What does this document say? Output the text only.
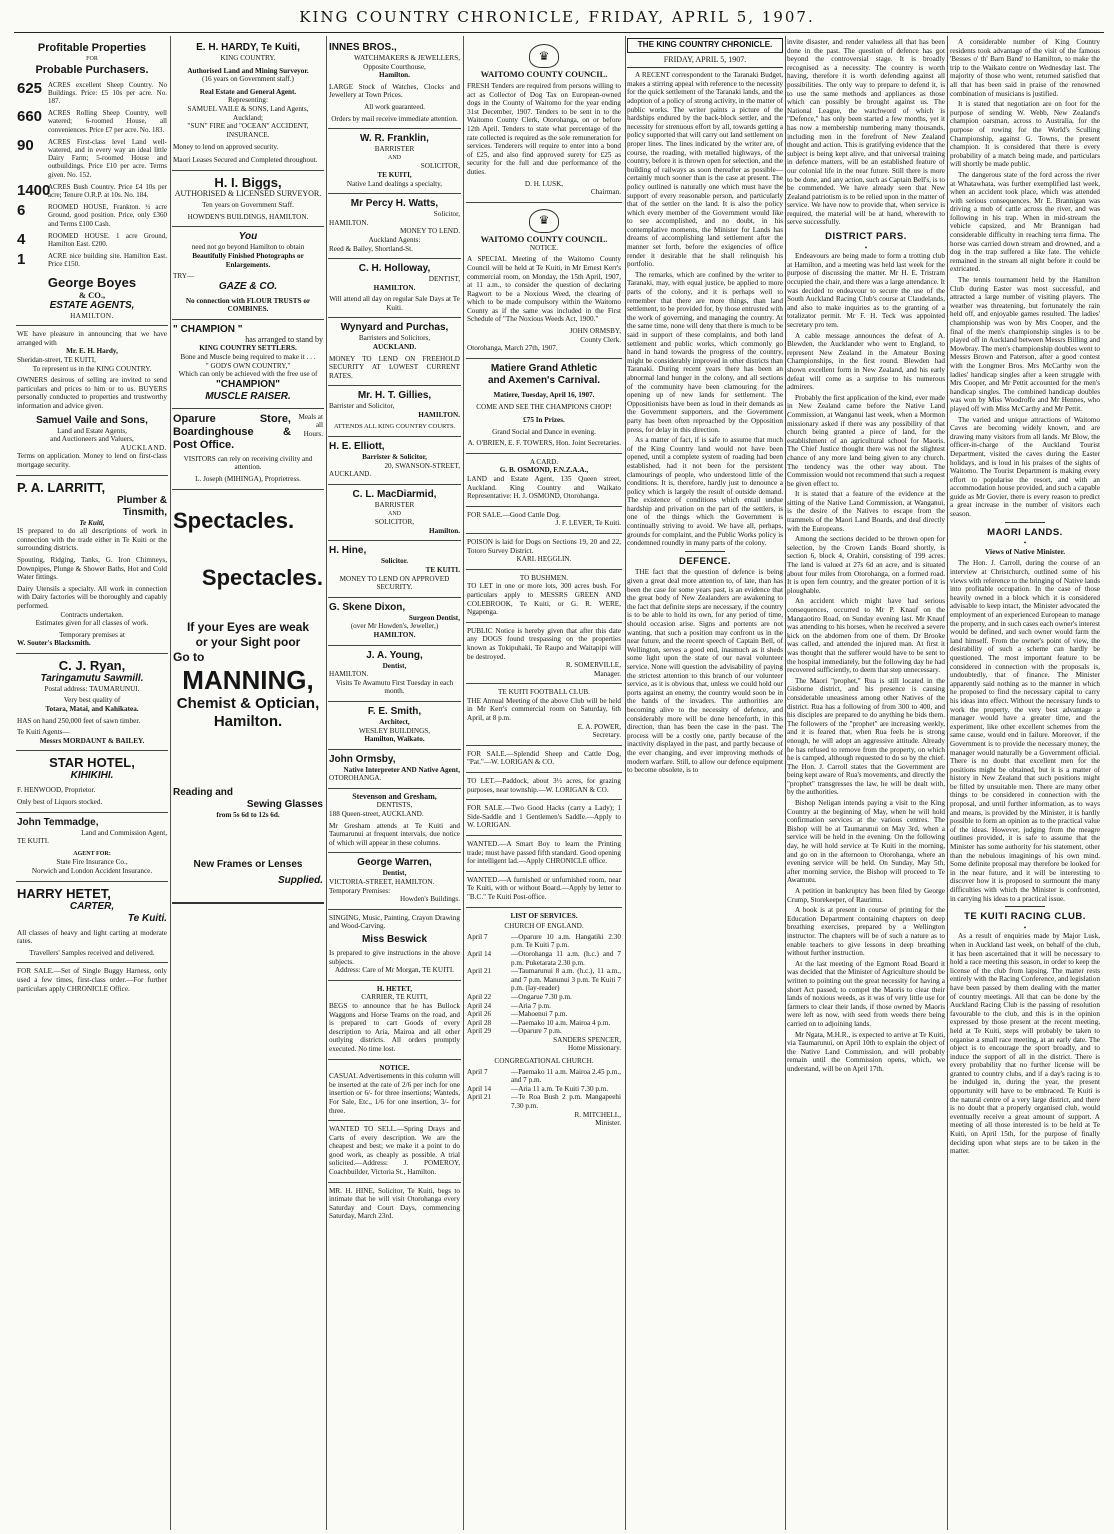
KING COUNTRY CHRONICLE, FRIDAY, APRIL 5, 1907.
Profitable Properties
FOR
Probable Purchasers.
625 ACRES excellent Sheep Country. No Buildings. Price: £5 10s per acre. No. 187.
660 ACRES Rolling Sheep Country, well watered; 6-roomed House, all conveniences. Price £7 per acre. No. 183.
90	ACRES First-class level Land well-watered, and in every way an ideal little Dairy Farm; 5-roomed House and outbuildings. Price £10 per acre. Terms given. No. 152.
1400
ACRES Bush Country. Price £4 10s per acre; Tenure O.R.P. at 10s. No. 184.
6	ROOMED HOUSE, Frankton. ½ acre Ground, good position. Price, only £360 and Terms £100 Cash.
4	ROOMED HOUSE. 1 acre Ground, Hamilton East. £200.
1	ACRE nice building site. Hamilton East. Price £150.
George Boyes
& CO.,
ESTATE AGENTS,
HAMILTON.
WE have pleasure in announcing that we have arranged with
Mr. E. H. Hardy,
Sheridan-street, TE KUITI,
To represent us in the KING COUNTRY.
OWNERS desirous of selling are invited to send particulars and prices to him or to us. BUYERS personally conducted to properties and trustworthy information and advice given.
Samuel Vaile and Sons,
Land and Estate Agents,
and Auctioneers and Valuers,
AUCKLAND.
Terms on application. Money to lend on first-class mortgage security.
P. A. LARRITT,
Plumber &
Tinsmith,
Te Kuiti,
IS prepared to do all descriptions of work in connection with the trade either in Te Kuiti or the surrounding districts.
Spouting, Ridging, Tanks, G. Iron Chimneys, Downpipes, Plunge & Shower Baths, Hot and Cold Water fittings.
Dairy Utensils a specialty. All work in connection with Dairy factories will be thoroughly and capably performed.
Contracts undertaken.
Estimates given for all classes of work.
Temporary premises at
W. Souter's Blacksmith.
C. J. Ryan,
Taringamutu Sawmill.
Postal address: TAUMARUNUI.
Very best quality of
Totara, Matai, and Kahikatea.
HAS on hand 250,000 feet of sawn timber.
Te Kuiti Agents—
Messrs MORDAUNT & BAILEY.
STAR HOTEL,
KIHIKIHI.
F. HENWOOD, Proprietor.
Only best of Liquors stocked.
John Temmadge,
Land and Commission Agent,
TE KUITI.
AGENT FOR:
State Fire Insurance Co.,
Norwich and London Accident Insurance.
HARRY HETET,
CARTER,
Te Kuiti.
All classes of heavy and light carting at moderate rates.
Travellers' Samples received and delivered.
FOR SALE.—Set of Single Buggy Harness, only used a few times, first-class order.—For further particulars apply CHRONICLE Office.
E. H. HARDY, Te Kuiti,
KING COUNTRY.
Authorised Land and Mining Surveyor.
(16 years on Government staff.)
Real Estate and General Agent.
Representing:
SAMUEL VAILE & SONS, Land Agents, Auckland;
"SUN" FIRE and "OCEAN" ACCIDENT, INSURANCE.
Money to lend on approved security.
Maori Leases Secured and Completed throughout.
H. I. Biggs,
AUTHORISED & LICENSED SURVEYOR.
Ten years on Government Staff.
HOWDEN'S BUILDINGS, HAMILTON.
You
need not go beyond Hamilton to obtain
Beautifully Finished Photographs or Enlargements.
TRY—
GAZE & CO.
No connection with FLOUR TRUSTS or COMBINES.
" CHAMPION "
has arranged to stand by
KING COUNTRY SETTLERS.
Bone and Muscle being required to make it . . .
" GOD'S OWN COUNTRY,"
Which can only be achieved with the free use of
"CHAMPION"
MUSCLE RAISER.
Oparure Store, Boardinghouse & Post Office.
Meals at all Hours.
VISITORS can rely on receiving civility and attention.
L. Joseph (MIHINGA), Proprietress.
Spectacles.
Spectacles.
If your Eyes are weak
or your Sight poor
Go to
MANNING,
Chemist & Optician,
Hamilton.
Reading and
Sewing Glasses
from 5s 6d to 12s 6d.
New Frames or Lenses
Supplied.
INNES BROS.,
WATCHMAKERS & JEWELLERS,
Opposite Courthouse,
Hamilton.
LARGE Stock of Watches, Clocks and Jewellery at Town Prices.
All work guaranteed.
Orders by mail receive immediate attention.
W. R. Franklin,
BARRISTER
AND
SOLICITOR,
TE KUITI,
Native Land dealings a specialty,
Mr Percy H. Watts,
Solicitor,
HAMILTON.
MONEY TO LEND.
Auckland Agents:
Reed & Bailey, Shortland-St.
C. H. Holloway,
DENTIST,
HAMILTON.
Will attend all day on regular Sale Days at Te Kuiti.
Wynyard and Purchas,
Barristers and Solicitors,
AUCKLAND.
MONEY TO LEND ON FREEHOLD SECURITY AT LOWEST CURRENT RATES.
Mr. H. T. Gillies,
Barrister and Solicitor,
HAMILTON.
ATTENDS ALL KING COUNTRY COURTS.
H. E. Elliott,
Barrister & Solicitor,
20, SWANSON-STREET,
AUCKLAND.
C. L. MacDiarmid,
BARRISTER
AND
SOLICITOR,
Hamilton.
H. Hine,
Solicitor.
TE KUITI.
MONEY TO LEND ON APPROVED SECURITY.
G. Skene Dixon,
Surgeon Dentist,
(over Mr Howden's, Jeweller,)
HAMILTON.
J. A. Young,
Dentist,
HAMILTON.
Visits Te Awamutu First Tuesday in each month.
F. E. Smith,
Architect,
WESLEY BUILDINGS,
Hamilton, Waikato.
John Ormsby,
Native Interpreter AND Native Agent,
OTOROHANGA.
Stevenson and Gresham,
DENTISTS,
188 Queen-street, AUCKLAND.
Mr Gresham attends at Te Kuiti and Taumarunui at frequent intervals, due notice of which will appear in these columns.
George Warren,
Dentist,
VICTORIA-STREET, HAMILTON.
Temporary Premises:
Howden's Buildings.
SINGING, Music, Painting, Crayon Drawing and Wood-Carving.
Miss Beswick
Is prepared to give instructions in the above subjects.
Address: Care of Mr Morgan, TE KUITI.
H. HETET,
CARRIER, TE KUITI,
BEGS to announce that he has Bullock Waggons and Horse Teams on the road, and is prepared to cart Goods of every description to Aria, Mairoa and all other outlying districts. All orders promptly executed. No time lost.
NOTICE.
CASUAL Advertisements in this column will be inserted at the rate of 2/6 per inch for one insertion or 6/- for three insertions; Wanteds, For Sale, Etc., 1/6 for one insertion, 3/- for three.
WANTED TO SELL.—Spring Drays and Carts of every description. We are the cheapest and best; we make it a point to do good work, as cheaply as possible. A trial solicited.—Address: J. POMEROY, Coachbuilder, Victoria St., Hamilton.
MR. H. HINE, Solicitor, Te Kuiti, begs to intimate that he will visit Otorohanga every Saturday and Court Days, commencing Saturday, March 23rd.
♛
WAITOMO COUNTY COUNCIL.
FRESH Tenders are required from persons willing to act as Collector of Dog Tax on European-owned dogs in the County of Waitomo for the year ending 31st December, 1907. Tenders to be sent in to the Waitomo County Clerk, Otorohanga, on or before 12th April. Tenders to state what percentage of the rate collected is required as the sole remuneration for services. Tenderers will require to enter into a bond of £25, and also find approved surety for £25 as security for the full and due performance of the duties.
D. H. LUSK,
Chairman.
♛
WAITOMO COUNTY COUNCIL.
NOTICE.
A SPECIAL Meeting of the Waitomo County Council will be held at Te Kuiti, in Mr Ernest Kerr's commercial room, on Monday, the 15th April, 1907, at 11 a.m., to consider the question of declaring Ragwort to be a Noxious Weed, the clearing of which to be made compulsory within the Waitomo County as if the same was included in the First Schedule of "The Noxious Weeds Act, 1900."
JOHN ORMSBY,
County Clerk.
Otorohanga, March 27th, 1907.
Matiere Grand Athletic
and Axemen's Carnival.
Matiere, Tuesday, April 16, 1907.
COME AND SEE THE CHAMPIONS CHOP!
£75 In Prizes.
Grand Social and Dance in evening.
A. O'BRIEN, E. F. TOWERS, Hon. Joint Secretaries.
A CARD.
G. B. OSMOND, F.N.Z.A.A.,
LAND and Estate Agent, 135 Queen street, Auckland. King Country and Waikato Representative: H. J. OSMOND, Otorohanga.
FOR SALE.—Good Cattle Dog.
J. F. LEVER, Te Kuiti.
POISON is laid for Dogs on Sections 19, 20 and 22, Totoro Survey District.
KARL HEGGLIN.
TO BUSHMEN.
TO LET in one or more lots, 300 acres bush. For particulars apply to MESSRS GREEN AND COLEBROOK, Te Kuiti, or G. R. WERE, Ngapenga.
PUBLIC Notice is hereby given that after this date any DOGS found trespassing on the properties known as Tokipuhaki, Te Raupo and Waitapipi will be destroyed.
R. SOMERVILLE,
Manager.
TE KUITI FOOTBALL CLUB.
THE Annual Meeting of the above Club will be held in Mr Kerr's commercial room on Saturday, 6th April, at 8 p.m.
E. A. POWER,
Secretary.
FOR SALE.—Splendid Sheep and Cattle Dog, "Pat."—W. LORIGAN & CO.
TO LET.—Paddock, about 3½ acres, for grazing purposes, near township.—W. LORIGAN & CO.
FOR SALE.—Two Good Hacks (carry a Lady); 1 Side-Saddle and 1 Gentlemen's Saddle.—Apply to W. LORIGAN.
WANTED.—A Smart Boy to learn the Printing trade; must have passed fifth standard. Good opening for intelligent lad.—Apply CHRONICLE office.
WANTED.—A furnished or unfurnished room, near Te Kuiti, with or without Board.—Apply by letter to "B.C." Te Kuiti Post-office.
LIST OF SERVICES.
CHURCH OF ENGLAND.
April 7	—Oparure 10 a.m. Hangatiki 2.30 p.m. Te Kuiti 7 p.m.
April 14	—Otorohanga 11 a.m. (h.c.) and 7 p.m. Puketarata 2.30 p.m.
April 21	—Taumarunui 8 a.m. (h.c.), 11 a.m., and 7 p.m. Manunui 3 p.m. Te Kuiti 7 p.m. (lay-reader)
April 22	—Ongarue 7.30 p.m.
April 24	—Aria 7 p.m.
April 26	—Mahoenui 7 p.m.
April 28	—Paemako 10 a.m. Mairoa 4 p.m.
April 29	—Oparure 7 p.m.
SANDERS SPENCER,
Home Missionary.
CONGREGATIONAL CHURCH.
April 7	—Paemako 11 a.m. Mairoa 2.45 p.m., and 7 p.m.
April 14	—Aria 11 a.m. Te Kuiti 7.30 p.m.
April 21	—Te Roa Bush 2 p.m. Mangapeehi 7.30 p.m.
R. MITCHELL,
Minister.
THE KING COUNTRY CHRONICLE.
FRIDAY, APRIL 5, 1907.

A RECENT correspondent to the Taranaki Budget, makes a stirring appeal with reference to the necessity for the quick settlement of the Taranaki lands, and the adoption of a policy of strong activity, in the matter of public works. The writer paints a picture of the hardships endured by the back-block settler, and the necessity for strenuous effort by all, towards getting a policy supported that will carry out land settlement on proper lines. The lines indicated by the writer are, of course, the roading, with metalled highways, of the country, before it is thrown open for selection, and the building of railways as soon thereafter as possible—certainly much sooner than is the case at present. The policy outlined is naturally one which must have the support of every reasonable person, and particularly that of the settler on the land. It is also the policy which every member of the Government would like to see accomplished, and no doubt, in his contemplative moments, the Minister for Lands has dreams of accomplishing land settlement after the manner set forth, before the exigencies of office render it desirable that he shall relinquish his portfolio.

The remarks, which are confined by the writer to Taranaki, may, with equal justice, be applied to more parts of the colony, and it is perhaps well to remember that there are more things, than land settlement, to be provided for, by those entrusted with the work of governing, and managing the country. At the same time, none will deny that there is much to be said in support of these complaints, and both land settlement and public works, which commonly go hand in hand towards the progress of the country, might be considerably improved in other districts than Taranaki. During recent years there has been an abnormal land hunger in the colony, and all sections of the community have been clamouring for the opening up of new lands for settlement. The Oppositionists have been as loud in their demands as the Government supporters, and the Government party has been often reproached by the Opposition press, for delay in this direction.

As a matter of fact, if is safe to assume that much of the King Country land would not have been opened, until a complete system of roading had been established, had it not been for the persistent clamourings of people, who understood little of the conditions. It is, therefore, hardly just to denounce a policy which is largely the result of outside demand. The existence of conditions which entail undue hardship and privation on the part of the settlers, is one of the things which the Government is continually striving to avoid. We have all, perhaps, grounds for complaint, and the Public Works policy is condemned roundly in many parts of the colony.

DEFENCE.

THE fact that the question of defence is being given a great deal more attention to, of late, than has been the case for some years past, is an evidence that the great body of New Zealanders are awakening to the fact that definite steps are necessary, if the country is to be able to hold its own, for any period of time, should occasion arise. Signs and portents are not wanting, that such a position may confront us in the near future, and the recent speech of Captain Bell, of Wellington, serves a good end, inasmuch as it sheds some light upon the state of our naval volunteer service. None will question the advisability of paying the strictest attention to this branch of our volunteer service, as it is obvious that, unless we could hold our ports against an enemy, the country would soon be in the hands of the invaders. The authorities are becoming alive to the necessity of defence, and considerably more will be done henceforth, in this direction, than has been the case in the past. The process will be a costly one, partly because of the inactivity displayed in the past, and partly because of the ever changing, and ever improving methods of modern warfare. Still, to allow our defence equipment to become obsolete, is to

invite disaster, and render valueless all that has been done in the past. The question of defence has got beyond the controversial stage. It is broadly recognised as a necessity. The country is worth having, therefore it is worth defending against all possibilities. The only way to prepare to defend it, is to use the same methods and appliances as those which can possibly be brought against us. The National League, the watchword of which is "Defence," has only been started a few months, yet it has now a membership numbering many thousands, including men in the forefront of New Zealand thought and action. This is gratifying evidence that the subject is being kept alive, and that universal training in defence matters, will be an established feature of our colonial life in the near future. Still there is more to be done, and any action, such as Captain Bell's, is to be commended. We have already seen that New Zealand patriotism is to be relied upon in the matter of service. We have now to provide that, when service is required, the material will be at hand, wherewith to serve successfully.

DISTRICT PARS.
•

Endeavours are being made to form a trotting club at Hamilton, and a meeting was held last week for the purpose of discussing the matter. Mr H. E. Tristram occupied the chair, and there was a large attendance. It was decided to endeavour to secure the use of the South Auckland Racing Club's course at Claudelands, and also to make inquiries as to the granting of a totalizator permit. Mr F. H. Teck was appointed secretary pro tem.

A cable message announces the defeat of A. Blewden, the Aucklander who went to England, to represent New Zealand in the Amateur Boxing Championships, in the first round. Blewden had shown excellent form in New Zealand, and his early defeat will come as a surprise to his numerous admirers.

Probably the first application of the kind, ever made in New Zealand came before the Native Land Commission, at Wanganui last week, when a Mormon missionary asked if there was any possibility of that church being granted a piece of land, for the establishment of an agricultural school for Maoris. The Chief Justice thought there was not the slightest chance of any more land being given to any church. The tendency was the other way about. The Commission would not recommend that such a request be given effect to.

It is stated that a feature of the evidence at the sitting of the Native Land Commission, at Wanganui, is the desire of the Natives to escape from the trammels of the Maori Land Boards, and deal directly with the Europeans.

Among the sections decided to be thrown open for selection, by the Crown Lands Board shortly, is section 6, block 4, Orahiri, consisting of 199 acres. The land is valued at 27s 6d an acre, and is situated about four miles from Otorohanga, on a formed road. It is open fern country, and the greater portion of it is ploughable.

An accident which might have had serious consequences, occurred to Mr P. Knauf on the Mangaotiro Road, on Sunday evening last. Mr Knauf was attending to his horses, when he received a severe kick on the abdomen from one of them. Dr Brooke was called, and attended the injured man. At first it was thought that the sufferer would have to be sent to the hospital immediately, but the following day he had recovered sufficiently, to deem that step unnecessary.

The Maori "prophet," Rua is still located in the Gisborne district, and his presence is causing considerable uneasiness among other Natives of the district. Rua has a following of from 300 to 400, and his disciples are prepared to do anything he bids them. The followers of the "prophet" are increasing weekly, and it is feared that, when Rua feels he is strong enough, he will adopt an aggressive attitude. Already he has refused to remove from the property, on which he is camped, although requested to do so by the chief. The Hon. J. Carroll states that the Government are being kept aware of Rua's movements, and directly the "prophet" transgresses the law, he will be dealt with, by the authorities.

Bishop Neligan intends paying a visit to the King Country at the beginning of May, when he will hold confirmation services at the various centres. The Bishop will be at Taumarunui on May 3rd, when a service will be held in the evening. On the following day, he will hold service at Te Kuiti in the morning, and go on in the afternoon to Otorohanga, where an evening service will be held. On Sunday, May 5th, after morning service, the Bishop will proceed to Te Awamutu.

A petition in bankruptcy has been filed by George Crump, Storekeeper, of Raurimu.

A book is at present in course of printing for the Education Department containing chapters on deep breathing exercises, prepared by a Wellington instructor. The chapters will be of such a nature as to enable teachers to give lessons in deep breathing without further instruction.

At the last meeting of the Egmont Road Board it was decided that the Minister of Agriculture should be written to pointing out the great necessity for having a short Act passed, to compel the Maoris to clear their lands of noxious weeds, as it was of very little use for farmers to clear their lands, if those owned by Maoris were left as now, with seed from weeds there being carried on to adjoining lands.

Mr Ngata, M.H.R., is expected to arrive at Te Kuiti, via Taumarunui, on April 10th to explain the object of the Native Land Commission, and will probably remain until the Commission opens, which, we understand, will be on April 17th.

A considerable number of King Country residents took advantage of the visit of the famous 'Besses o' th' Barn Band' to Hamilton, to make the trip to the Waikato centre on Wednesday last. The majority of those who went, returned satisfied that all that has been said in praise of the renowned combination of musicians is justified.

It is stated that negotiation are on foot for the purpose of sending W. Webb, New Zealand's champion oarsman, across to Australia, for the purpose of rowing for the World's Sculling Championship, against G. Towns, the present champion. It is considered that there is every probability of a match being made, and particulars will shortly be made public.

The dangerous state of the ford across the river at Whatawhata, was further exemplified last week, when an accident took place, which was attended with serious consequences. Mr E. Brannigan was driving a mob of cattle across the river, and was following in his trap. When in mid-stream the vehicle capsized, and Mr Brannigan had considerable difficulty in reaching terra firma. The horse was carried down stream and drowned, and a dog in the trap suffered a like fate. The vehicle remained in the stream all night before it could be extricated.

The tennis tournament held by the Hamilton Club during Easter was most successful, and attracted a large number of visiting players. The weather was threatening, but fortunately the rain held off, and enjoyable games resulted. The ladies' championship was won by Mrs Cooper, and the final of the men's championship singles is to be played off in Auckland between Messrs Billing and Mowbray. The men's championship doubles went to Messrs Brown and Paterson, after a good contest with the Longmer Bros. Mrs McCarthy won the ladies' handicap singles after a keen struggle with Mrs Cooper, and Mr Pettit accounted for the men's handicap singles. The combined handicap doubles was won by Miss Woodroffe and Mr Hennes, who played off with Miss McCarthy and Mr Pettit.

The varied and unique attractions of Waitomo Caves are becoming widely known, and are drawing many visitors from all lands. Mr Blow, the officer-in-charge of the Auckland Tourist Department, visited the caves during the Easter holidays, and is loud in his praises of the sights of Waitomo. The Tourist Department is making every effort to popularise the resort, and with an accommodation house provided, and such a capable guide as Mr Govier, there is every reason to predict a great increase in the number of visitors each season.

MAORI LANDS.
•
Views of Native Minister.

The Hon. J. Carroll, during the course of an interview at Christchurch, outlined some of his views with reference to the bringing of Native lands into profitable occupation. In the case of those heavily owned in a block which it is considered advisable to keep intact, the Minister advocated the employment of an experienced European to manage the property, and in such cases each owner's interest would be defined, and such owner would farm the land himself. From the owner's point of view, the desirability of such a scheme can hardly be questioned. The most important feature to be considered in connection with the proposals is, undoubtedly, that of finance. The Minister apparently said nothing as to the manner in which he proposed to find the necessary capital to carry his ideas into effect. Without the necessary funds to work the property, the very best advantage a manager would have a greater time, and the experiment, like other excellent schemes from the same cause, would end in failure. Moreover, if the Government is to provide the necessary money, the manager would naturally be a Government official. There is no doubt that excellent men for the positions might be obtained, but it is a matter of history in New Zealand that such positions might be filled by unsuitable men. There are many other things to be considered in connection with the proposal, and until further information, as to ways and means, is provided by the Minister, it is hardly possible to form an opinion as to the practical value of the ideas. However, judging from the meagre outlines provided, it is safe to assume that the Minister has some authority for his statement, other than the nebulous imaginings of his own mind. Some definite proposal may therefore be looked for in the near future, and it will be interesting to discover how it is proposed to surmount the many difficulties with which the Minister is confronted, in carrying his ideas to a practical issue.

TE KUITI RACING CLUB.
•

As a result of enquiries made by Major Lusk, when in Auckland last week, on behalf of the club, it has been ascertained that it will be necessary to hold a race meeting this season, in order to keep the license of the club from lapsing. The matter rests entirely with the Racing Conference, and legislation have been passed by them dealing with the matter of country meetings. All that can be done by the Auckland Racing Club is the passing of resolution favourable to the club, and this is in the opinion expressed by those present at the recent meeting, held at Te Kuiti, steps will probably be taken to organise a small race meeting, at an early date. The object is to encourage the sport broadly, and to induce the support of all in the district. There is every probability that no further license will be granted to country clubs, and if a day's racing is to be indulged in, during the year, the present opportunity will have to be embraced. Te Kuiti is the natural centre of a very large district, and there is no doubt that a properly organised club, would eventually receive a great amount of support. A meeting of all those interested is to be held at Te Kuiti, on April 15th, for the purpose of finally deciding upon what steps are to be taken in the matter.
